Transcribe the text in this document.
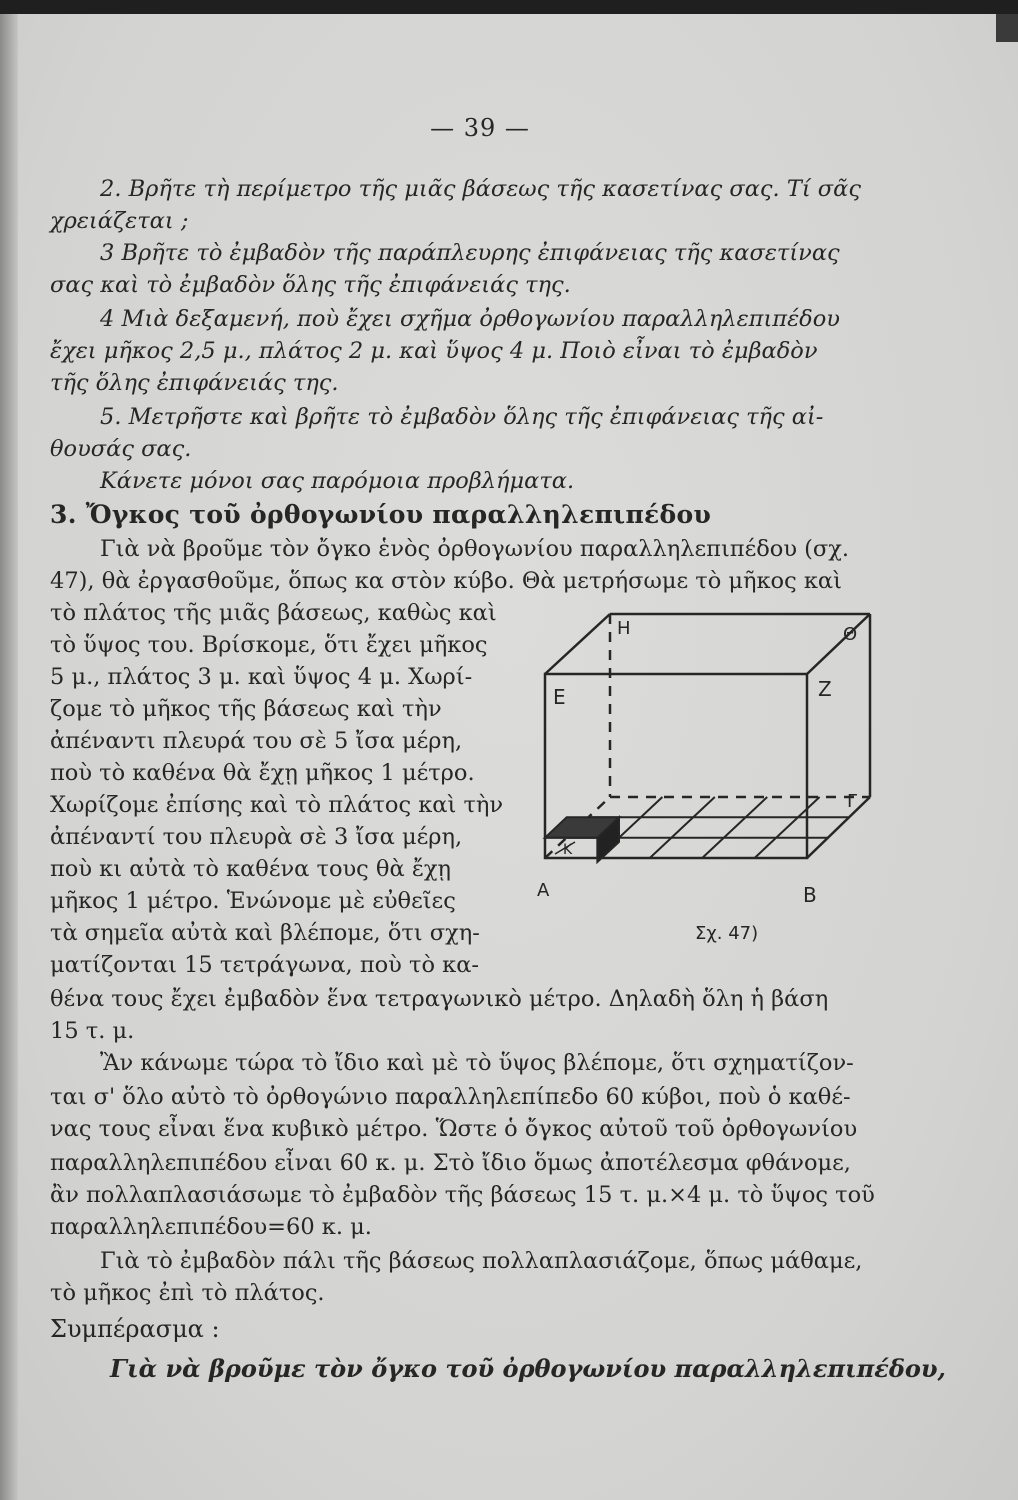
— 39 —
2. Βρῆτε τὴ περίμετρο τῆς μιᾶς βάσεως τῆς κασετίνας σας. Τί σᾶς
χρειάζεται ;
3 Βρῆτε τὸ ἐμβαδὸν τῆς παράπλευρης ἐπιφάνειας τῆς κασετίνας
σας καὶ τὸ ἐμβαδὸν ὅλης τῆς ἐπιφάνειάς της.
4 Μιὰ δεξαμενή, ποὺ ἔχει σχῆμα ὀρθογωνίου παραλληλεπιπέδου
ἔχει μῆκος 2,5 μ., πλάτος 2 μ. καὶ ὕψος 4 μ. Ποιὸ εἶναι τὸ ἐμβαδὸν
τῆς ὅλης ἐπιφάνειάς της.
5. Μετρῆστε καὶ βρῆτε τὸ ἐμβαδὸν ὅλης τῆς ἐπιφάνειας τῆς αἰ-
θουσάς σας.
Κάνετε μόνοι σας παρόμοια προβλήματα.
3. Ὄγκος τοῦ ὀρθογωνίου παραλληλεπιπέδου
Γιὰ νὰ βροῦμε τὸν ὄγκο ἑνὸς ὀρθογωνίου παραλληλεπιπέδου (σχ.
47), θὰ ἐργασθοῦμε, ὅπως κα στὸν κύβο. Θὰ μετρήσωμε τὸ μῆκος καὶ
τὸ πλάτος τῆς μιᾶς βάσεως, καθὼς καὶ
τὸ ὕψος του. Βρίσκομε, ὅτι ἔχει μῆκος
5 μ., πλάτος 3 μ. καὶ ὕψος 4 μ. Χωρί-
ζομε τὸ μῆκος τῆς βάσεως καὶ τὴν
ἀπέναντι πλευρά του σὲ 5 ἴσα μέρη,
ποὺ τὸ καθένα θὰ ἔχῃ μῆκος 1 μέτρο.
Χωρίζομε ἐπίσης καὶ τὸ πλάτος καὶ τὴν
ἀπέναντί του πλευρὰ σὲ 3 ἴσα μέρη,
ποὺ κι αὐτὰ τὸ καθένα τους θὰ ἔχῃ
μῆκος 1 μέτρο. Ἑνώνομε μὲ εὐθεῖες
τὰ σημεῖα αὐτὰ καὶ βλέπομε, ὅτι σχη-
ματίζονται 15 τετράγωνα, ποὺ τὸ κα-
θένα τους ἔχει ἐμβαδὸν ἕνα τετραγωνικὸ μέτρο. Δηλαδὴ ὅλη ἡ βάση
15 τ. μ.
Ἂν κάνωμε τώρα τὸ ἴδιο καὶ μὲ τὸ ὕψος βλέπομε, ὅτι σχηματίζον-
ται σ' ὅλο αὐτὸ τὸ ὀρθογώνιο παραλληλεπίπεδο 60 κύβοι, ποὺ ὁ καθέ-
νας τους εἶναι ἕνα κυβικὸ μέτρο. Ὥστε ὁ ὄγκος αὐτοῦ τοῦ ὀρθογωνίου
παραλληλεπιπέδου εἶναι 60 κ. μ. Στὸ ἴδιο ὅμως ἀποτέλεσμα φθάνομε,
ἂν πολλαπλασιάσωμε τὸ ἐμβαδὸν τῆς βάσεως 15 τ. μ.×4 μ. τὸ ὕψος τοῦ
παραλληλεπιπέδου=60 κ. μ.
Γιὰ τὸ ἐμβαδὸν πάλι τῆς βάσεως πολλαπλασιάζομε, ὅπως μάθαμε,
τὸ μῆκος ἐπὶ τὸ πλάτος.
Συμπέρασμα :
Γιὰ νὰ βροῦμε τὸν ὄγκο τοῦ ὀρθογωνίου παραλληλεπιπέδου,
Η	Θ
Ε	Ζ
Γ
Κ
Α	Β
Σχ. 47)
